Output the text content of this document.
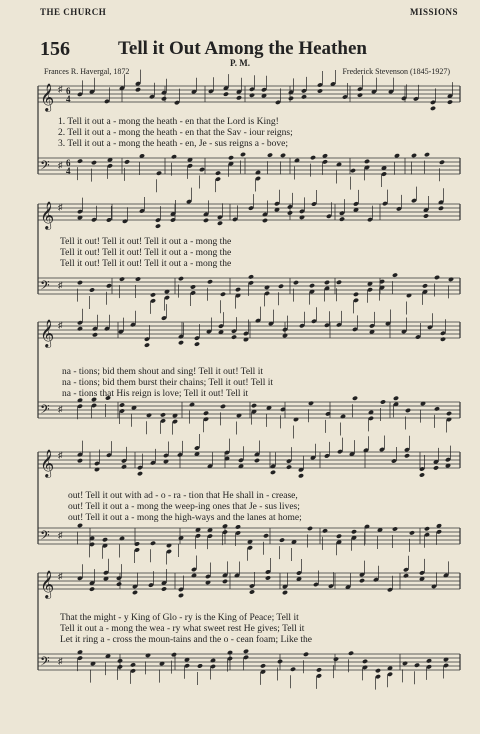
THE CHURCH	MISSIONS
156	Tell it Out Among the Heathen
P. M.
Frances R. Havergal, 1872	Frederick Stevenson (1845-1927)
𝄞 ♯ 6
4
𝄢 ♯ 6
4
𝄞 ♯
𝄢 ♯
𝄞 ♯
𝄢 ♯
𝄞 ♯
𝄢 ♯
𝄞 ♯
𝄢 ♯
1. Tell it out a - mong the heath - en that the Lord is King!
2. Tell it out a - mong the heath - en that the Sav - iour reigns;
3. Tell it out a - mong the heath - en, Je - sus reigns a - bove;
Tell it out! Tell it out! Tell it out a - mong the
Tell it out! Tell it out! Tell it out a - mong the
Tell it out! Tell it out! Tell it out a - mong the
na - tions; bid them shout and sing! Tell it out! Tell it
na - tions; bid them burst their chains; Tell it out! Tell it
na - tions that His reign is love; Tell it out! Tell it
out! Tell it out with ad - o - ra - tion that He shall in - crease,
out! Tell it out a - mong the weep-ing ones that Je - sus lives;
out! Tell it out a - mong the high-ways and the lanes at home;
That the might - y King of Glo - ry is the King of Peace; Tell it
Tell it out a - mong the wea - ry what sweet rest He gives; Tell it
Let it ring a - cross the moun-tains and the o - cean foam; Like the
